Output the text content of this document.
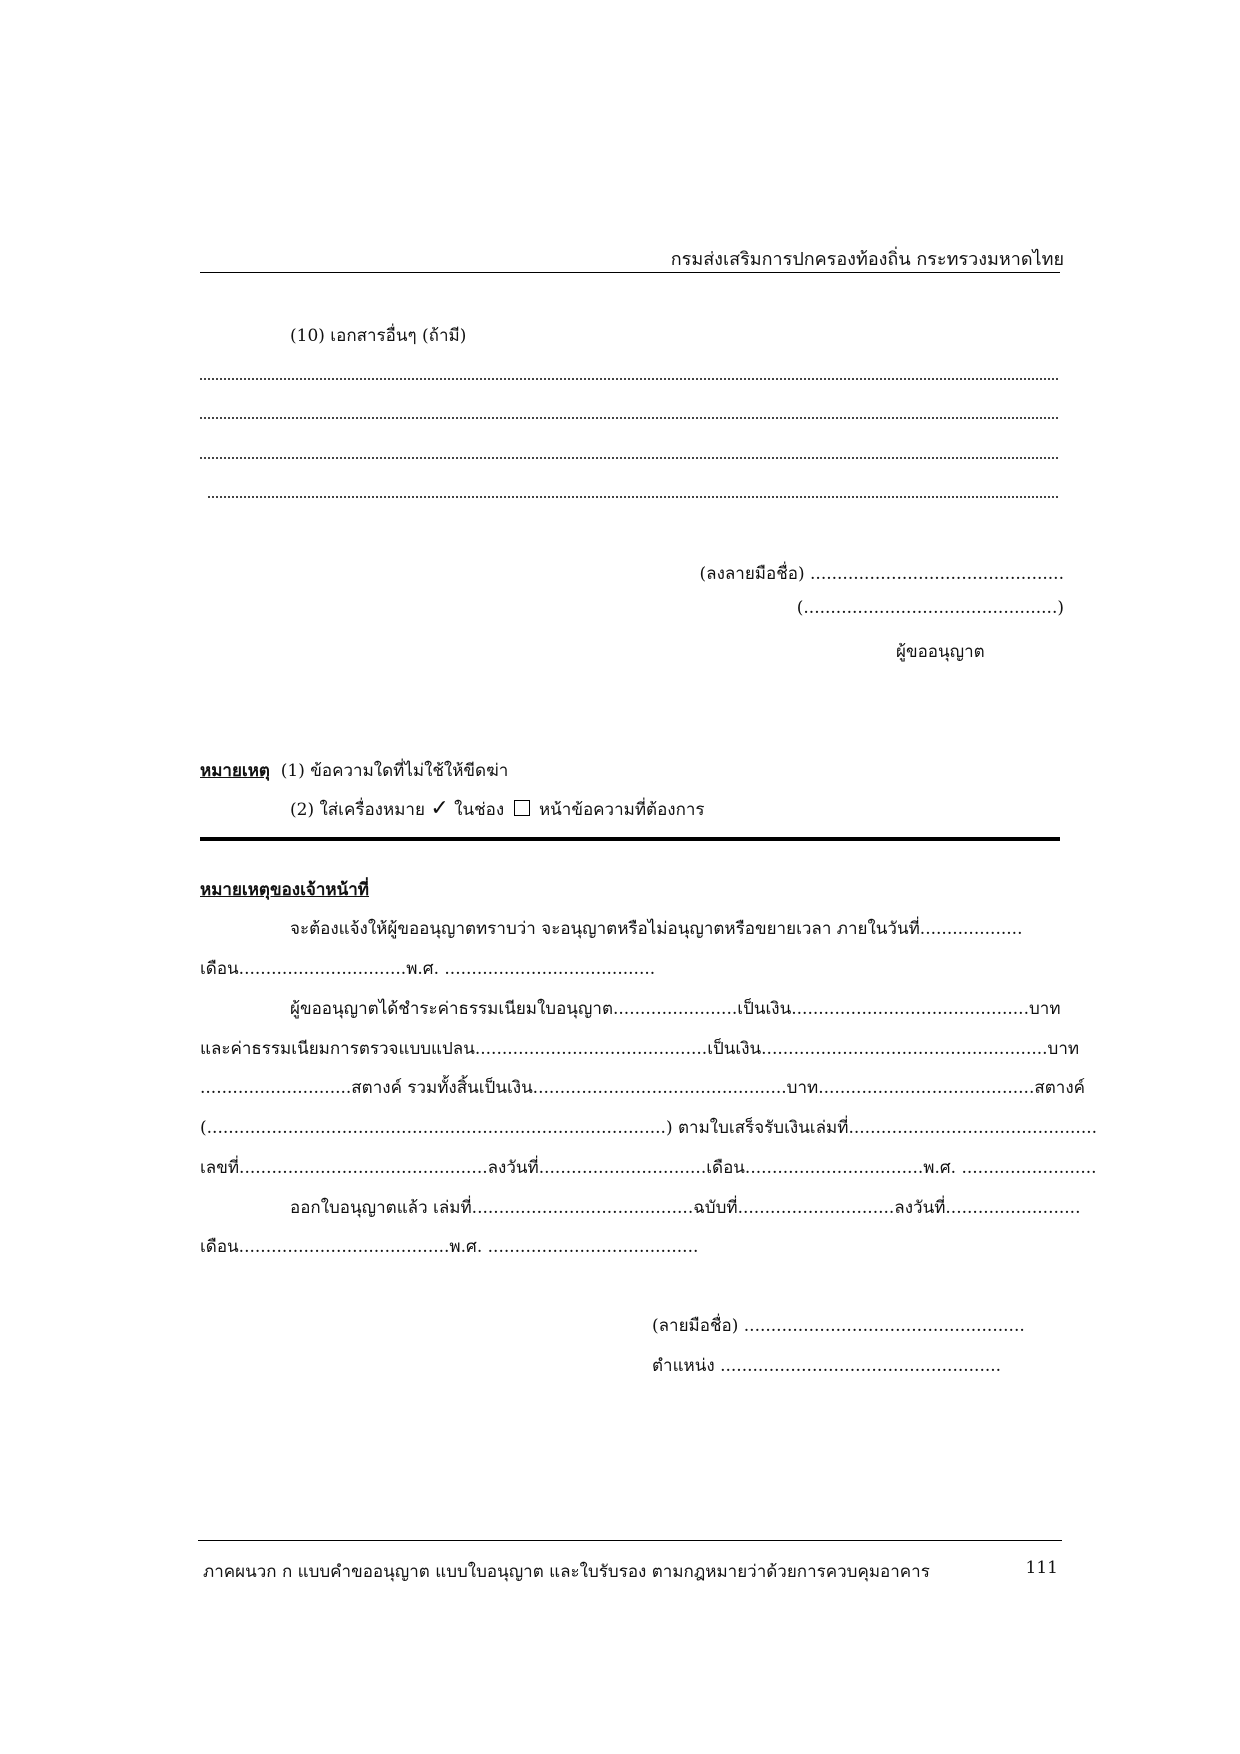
กรมส่งเสริมการปกครองท้องถิ่น กระทรวงมหาดไทย
(10) เอกสารอื่นๆ (ถ้ามี)
(ลงลายมือชื่อ) ...............................................
(...............................................)
ผู้ขออนุญาต
หมายเหตุ (1) ข้อความใดที่ไม่ใช้ให้ขีดฆ่า
(2) ใส่เครื่องหมาย ✓ ในช่อง หน้าข้อความที่ต้องการ
หมายเหตุของเจ้าหน้าที่
จะต้องแจ้งให้ผู้ขออนุญาตทราบว่า จะอนุญาตหรือไม่อนุญาตหรือขยายเวลา ภายในวันที่...................
เดือน...............................พ.ศ. .......................................
ผู้ขออนุญาตได้ชำระค่าธรรมเนียมใบอนุญาต.......................เป็นเงิน............................................บาท
และค่าธรรมเนียมการตรวจแบบแปลน...........................................เป็นเงิน.....................................................บาท
............................สตางค์ รวมทั้งสิ้นเป็นเงิน...............................................บาท........................................สตางค์
(.....................................................................................) ตามใบเสร็จรับเงินเล่มที่..............................................
เลขที่..............................................ลงวันที่...............................เดือน.................................พ.ศ. .........................
ออกใบอนุญาตแล้ว เล่มที่.........................................ฉบับที่.............................ลงวันที่.........................
เดือน.......................................พ.ศ. .......................................
(ลายมือชื่อ) ....................................................
ตำแหน่ง ....................................................
ภาคผนวก ก แบบคำขออนุญาต แบบใบอนุญาต และใบรับรอง ตามกฎหมายว่าด้วยการควบคุมอาคาร	111
